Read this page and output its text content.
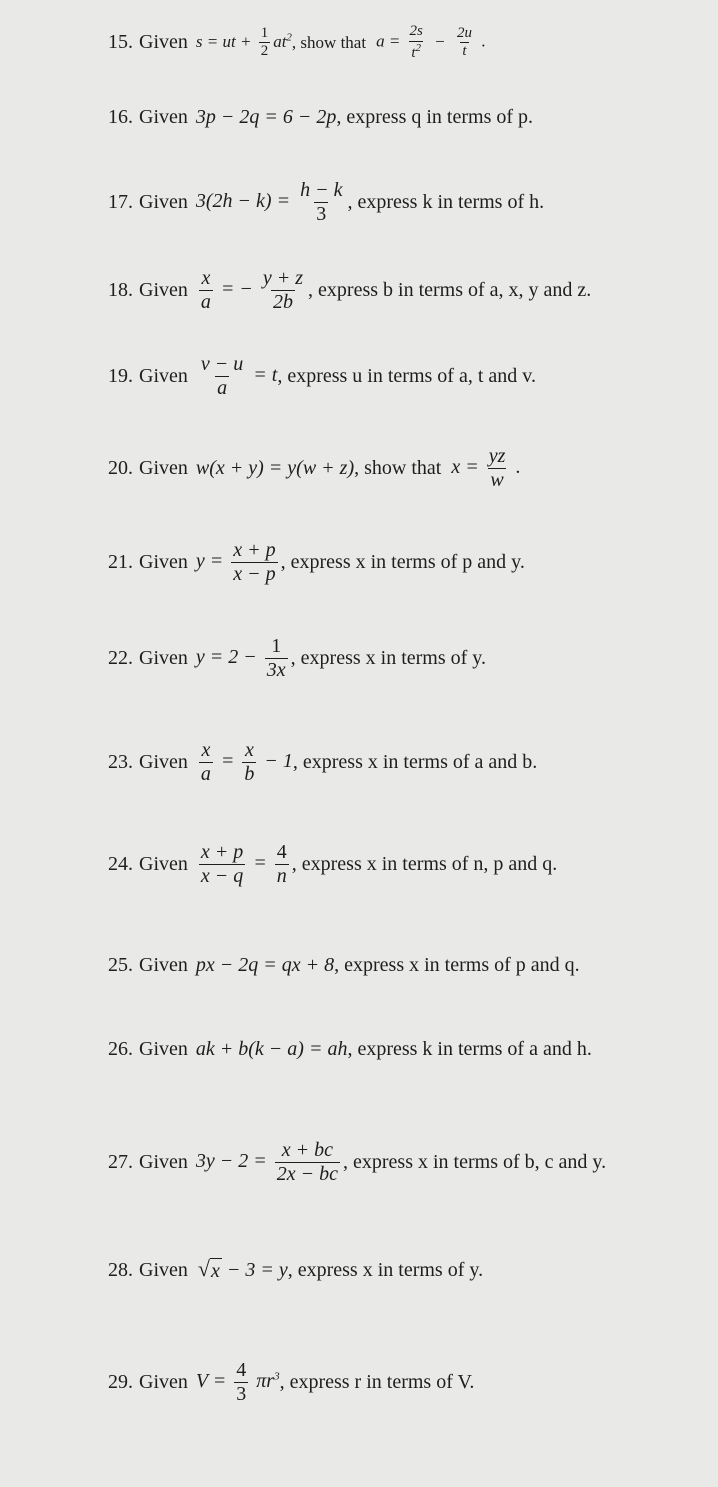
15. Given s = ut + $\frac{1}{2} at^2$ , show that $a = \frac{2s}{t^2} - \frac{2u}{t}$ .
16. Given 3p − 2q = 6 − 2p , express q in terms of p.
17. Given $3(2h - k) = \frac{h - k}{3}$ , express k in terms of h.
18. Given $\frac{x}{a}$ = − $\frac{y + z}{2b}$ , express b in terms of a, x, y and z.
19. Given $\frac{v - u}{a} = t$ , express u in terms of a, t and v.
20. Given w(x + y) = y(w + z) , show that $x = \frac{yz}{w}$ .
21. Given $y = \frac{x + p}{x - p}$ , express x in terms of p and y.
22. Given $y = 2 - \frac{1}{3x}$ , express x in terms of y.
23. Given $\frac{x}{a} = \frac{x}{b} - 1$ , express x in terms of a and b.
24. Given $\frac{x + p}{x - q} = \frac{4}{n}$ , express x in terms of n, p and q.
25. Given px − 2q = qx + 8 , express x in terms of p and q.
26. Given ak + b(k − a) = ah , express k in terms of a and h.
27. Given $3y - 2 = \frac{x + bc}{2x - bc}$ , express x in terms of b, c and y.
28. Given √ x − 3 = y , express x in terms of y.
29. Given $V = \frac{4}{3} \pi r^3$ , express r in terms of V.
